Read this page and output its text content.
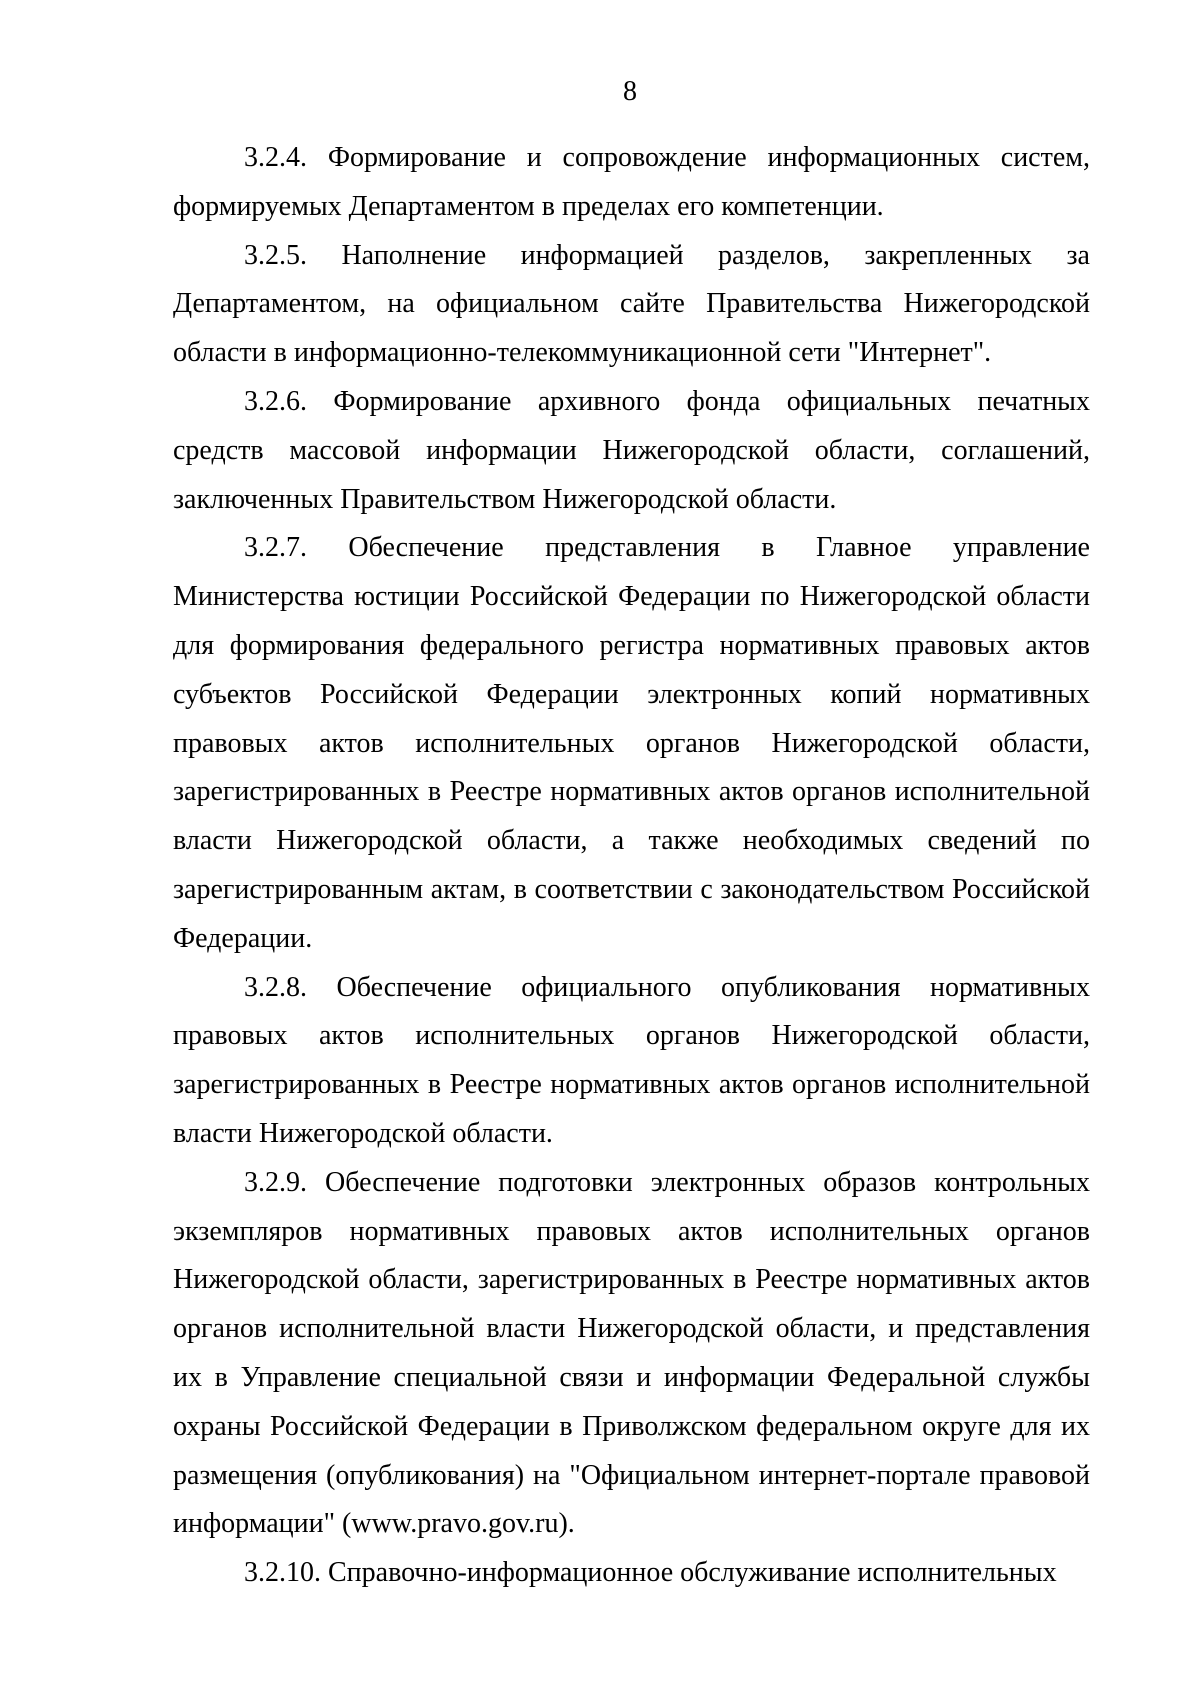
8

3.2.4. Формирование и сопровождение информационных систем, формируемых Департаментом в пределах его компетенции.

3.2.5. Наполнение информацией разделов, закрепленных за Департаментом, на официальном сайте Правительства Нижегородской области в информационно-телекоммуникационной сети "Интернет".

3.2.6. Формирование архивного фонда официальных печатных средств массовой информации Нижегородской области, соглашений, заключенных Правительством Нижегородской области.

3.2.7. Обеспечение представления в Главное управление Министерства юстиции Российской Федерации по Нижегородской области для формирования федерального регистра нормативных правовых актов субъектов Российской Федерации электронных копий нормативных правовых актов исполнительных органов Нижегородской области, зарегистрированных в Реестре нормативных актов органов исполнительной власти Нижегородской области, а также необходимых сведений по зарегистрированным актам, в соответствии с законодательством Российской Федерации.

3.2.8. Обеспечение официального опубликования нормативных правовых актов исполнительных органов Нижегородской области, зарегистрированных в Реестре нормативных актов органов исполнительной власти Нижегородской области.

3.2.9. Обеспечение подготовки электронных образов контрольных экземпляров нормативных правовых актов исполнительных органов Нижегородской области, зарегистрированных в Реестре нормативных актов органов исполнительной власти Нижегородской области, и представления их в Управление специальной связи и информации Федеральной службы охраны Российской Федерации в Приволжском федеральном округе для их размещения (опубликования) на "Официальном интернет-портале правовой информации" (www.pravo.gov.ru).

3.2.10. Справочно-информационное обслуживание исполнительных
